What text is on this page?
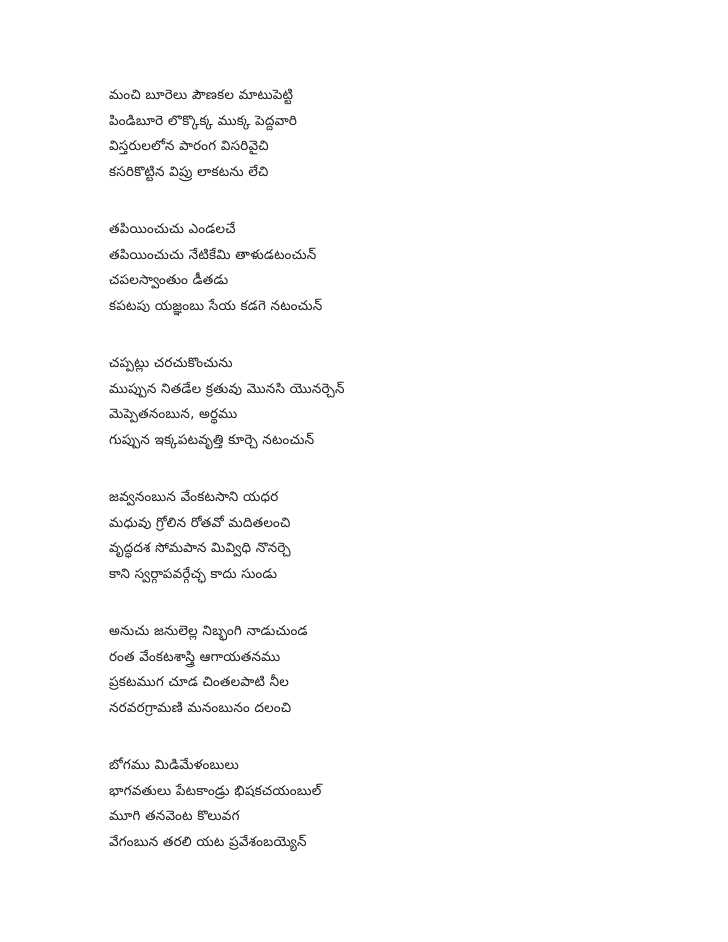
మంచి బూరెలు పౌణకల మాటుపెట్టి
పిండిబూరె లొక్కొక్క ముక్క పెద్దవారి
విస్తరులలోన పారంగ విసరివైచి
కసరికొట్టిన విప్రు లాకటను లేచి
తపియించుచు ఎండలచే
తపియించుచు నేటికేమి తాళుడటంచున్
చపలస్వాంతుం డీతడు
కపటపు యజ్ఞంబు సేయ కడగె నటంచున్
చప్పట్లు చరచుకొంచును
ముప్పున నితడేల క్రతువు మొనసి యొనర్చెన్
మెప్పెతనంబున, అర్థము
గుప్పున ఇక్కపటవృత్తి కూర్చె నటంచున్
జవ్వనంబున వేంకటసాని యధర
మధువు గ్రోలిన రోతవో మదితలంచి
వృద్ధదశ సోమపాన మివ్విధి నొనర్చె
కాని స్వర్గాపవర్గేచ్ఛ కాదు సుండు
అనుచు జనులెల్ల నిబ్భంగి నాడుచుండ
రంత వేంకటశాస్త్రి ఆగాయతనము
ప్రకటముగ చూడ చింతలపాటి నీల
నరవరగ్రామణి మనంబునం దలంచి
బోగము మిడిమేళంబులు
భాగవతులు పేటకాండ్రు భిషకచయంబుల్
మూగి తనవెంట కొలువగ
వేగంబున తరలి యట ప్రవేశంబయ్యెన్
